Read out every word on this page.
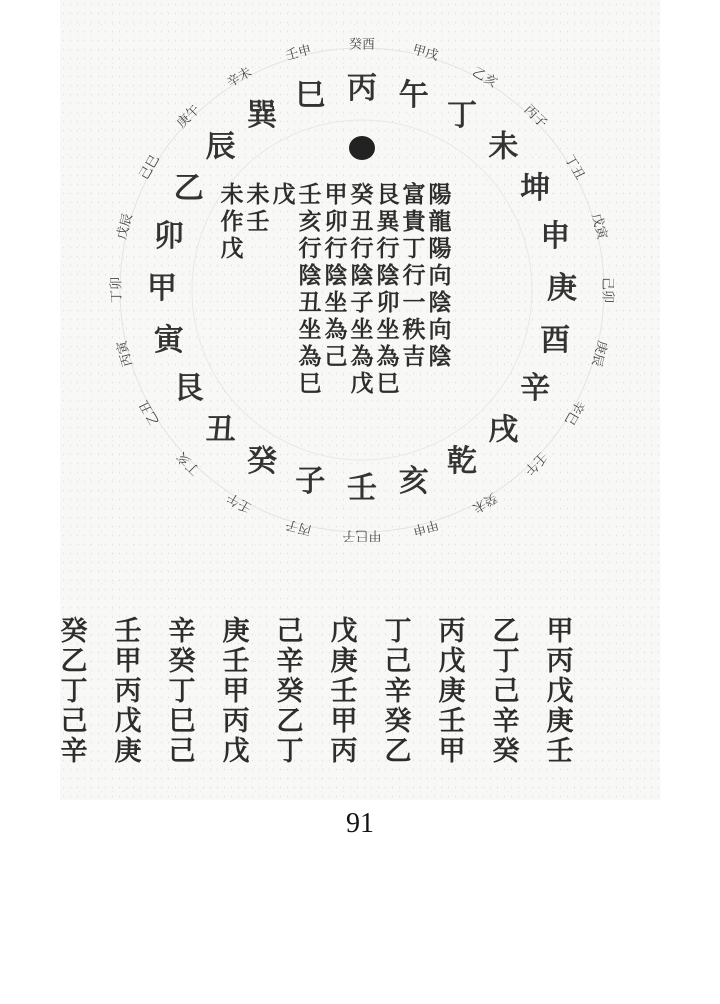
壬
甲巳子
子
丙子
癸
壬午
丑
丁亥
艮
乙丑
寅
丙寅
甲
丁卯
卯
戊辰
乙
己巳
辰
庚午 巽
辛未 巳
壬申
丙
癸酉
午
甲戌
丁
乙亥
未
丙子
坤
丁丑
申 戊寅
庚 己卯
酉 庚辰
辛
辛巳
戌
壬午
乾
癸未
亥
甲申
陽
龍
陽
向
陰
向
陰
富
貴
丁
行
一
秩
吉
艮
異
行
陰
卯
坐
為
巳
癸
丑
行
陰
子
坐
為
戊
甲
卯
行
陰
坐
為
己
壬
亥
行
陰
丑
坐
為
巳
戊
未
壬
未
作
戊
甲
丙
戊
庚
壬
乙
丁
己
辛
癸
丙
戊
庚
壬
甲
丁
己
辛
癸
乙
戊
庚
壬
甲
丙
己
辛
癸
乙
丁
庚
壬
甲
丙
戊
辛
癸
丁
巳
己
壬
甲
丙
戊
庚
癸
乙
丁
己
辛
91
